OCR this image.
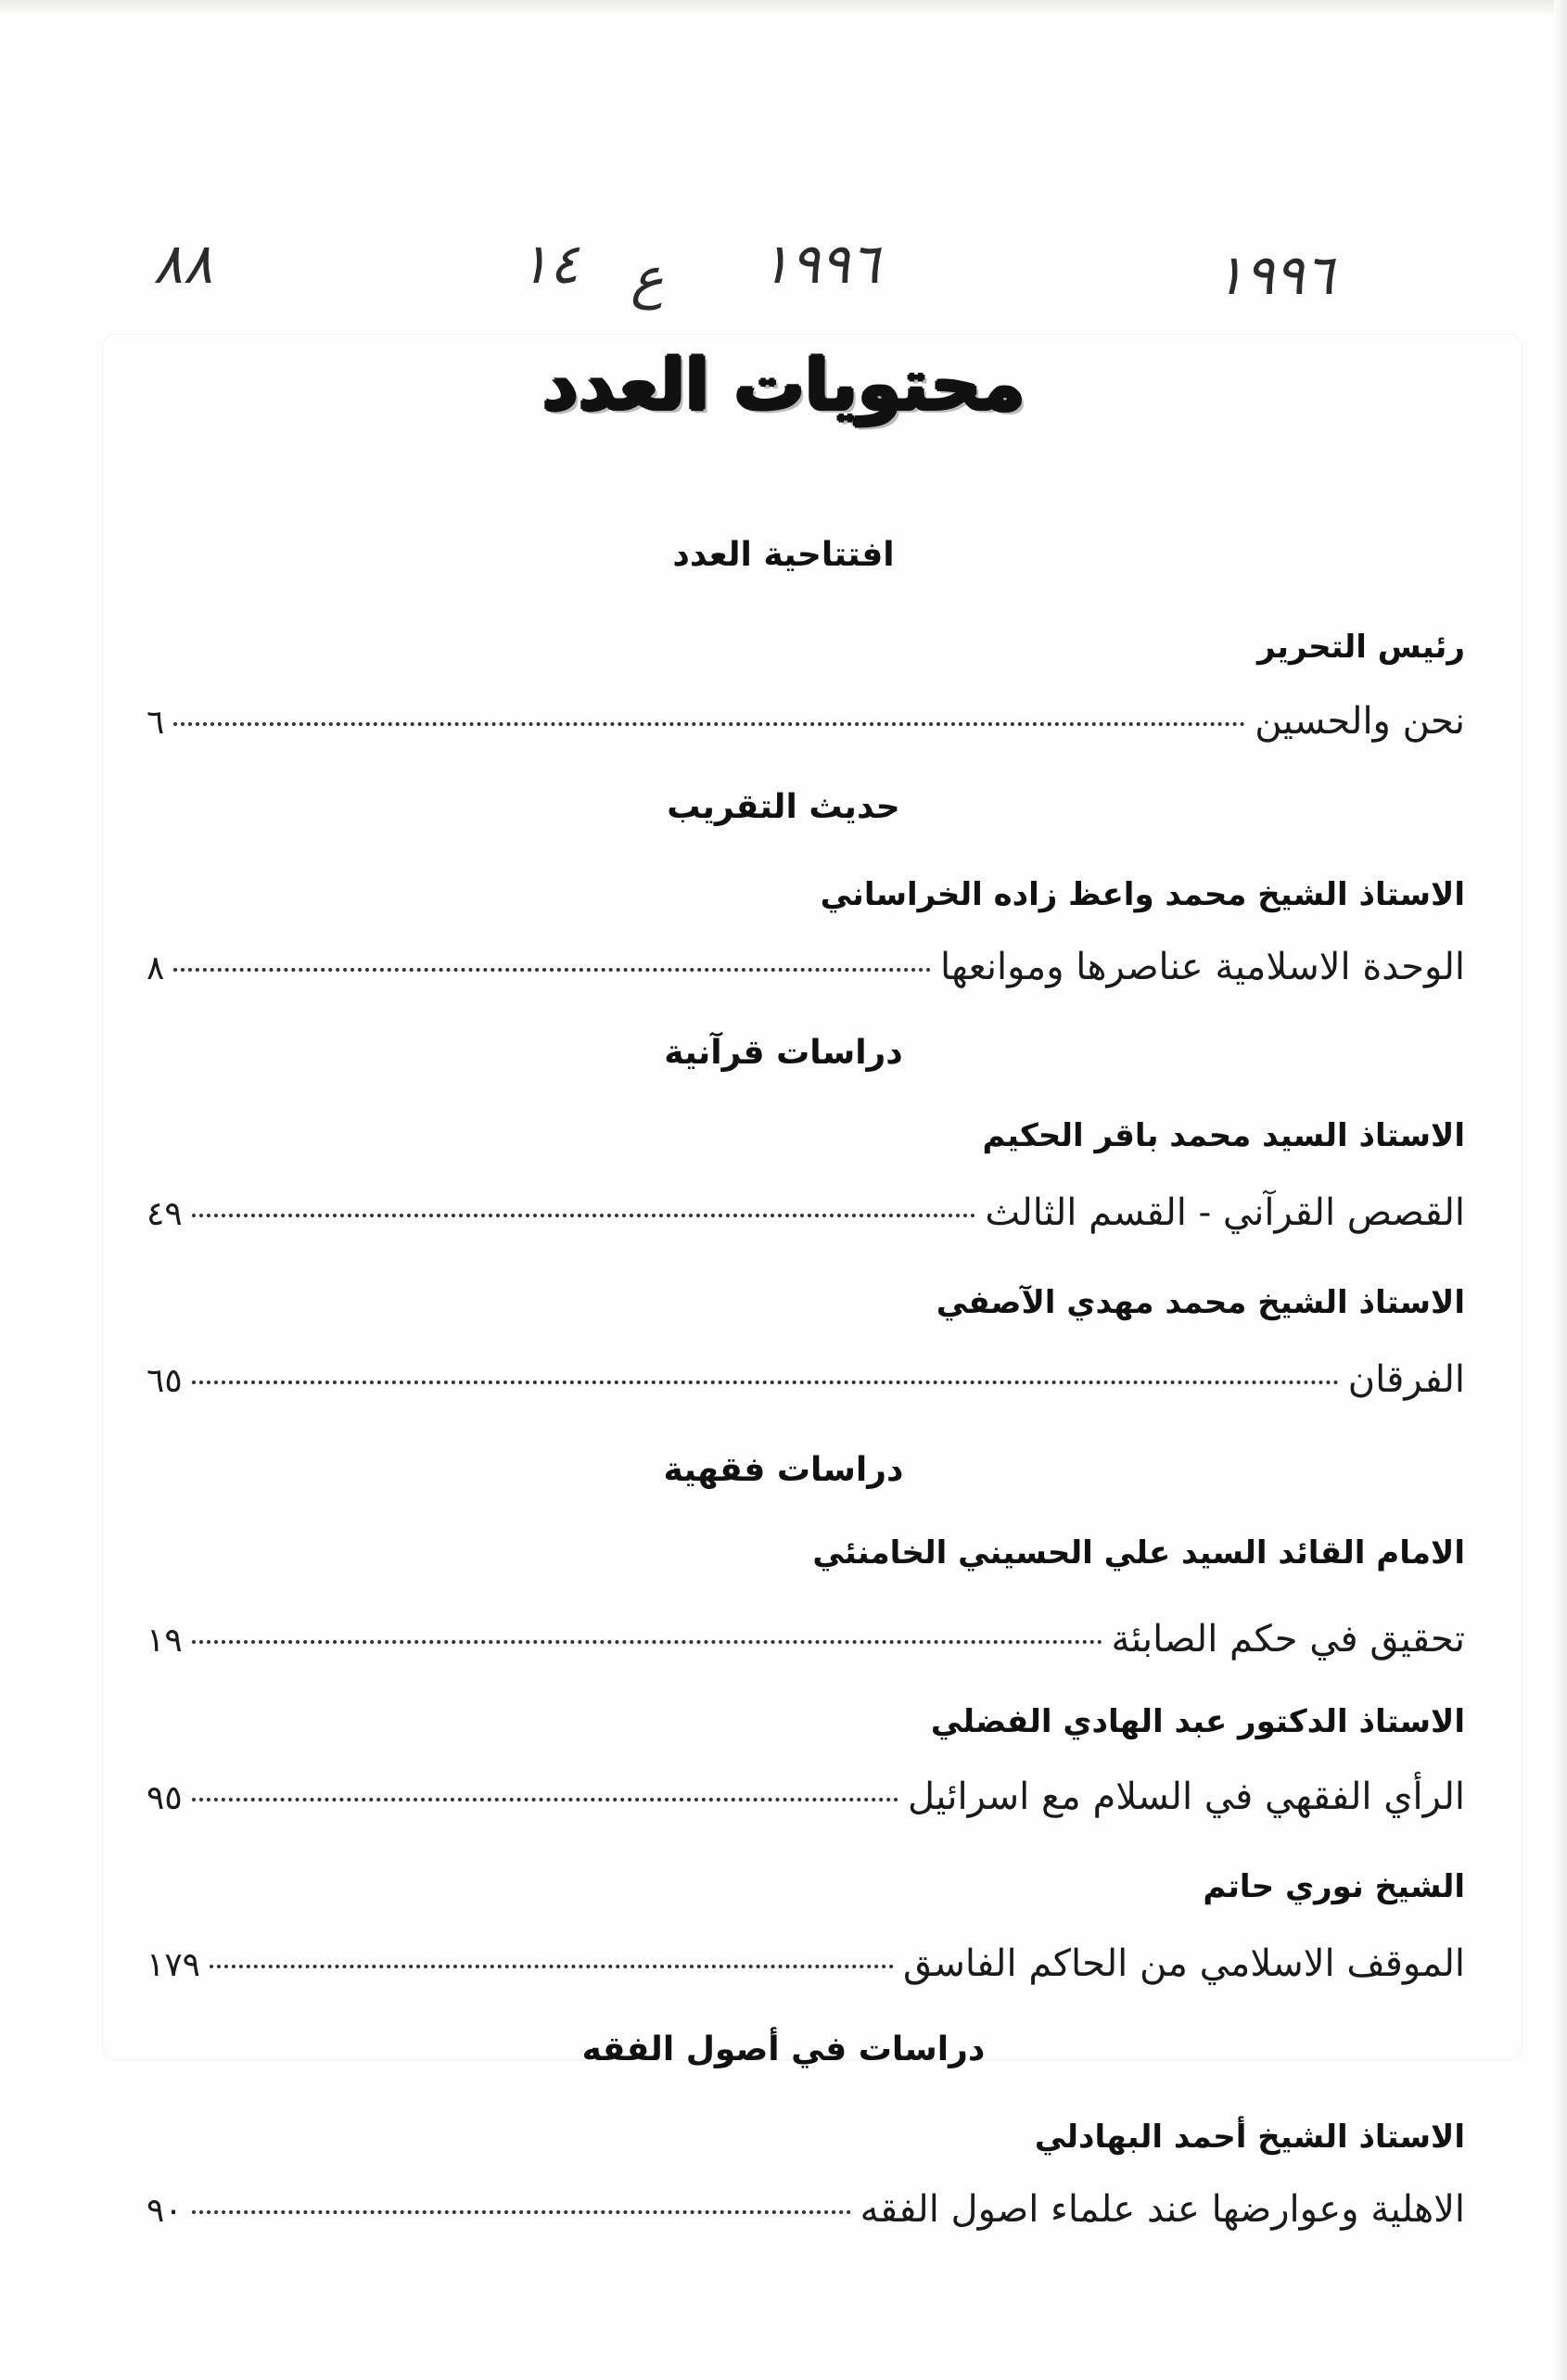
٨٨	١٤ ع ١٩٩٦	١٩٩٦
محتويات العدد
افتتاحية العدد
رئيس التحرير
نحن والحسين
٦
حديث التقريب
الاستاذ الشيخ محمد واعظ زاده الخراساني
الوحدة الاسلامية عناصرها وموانعها
٨
دراسات قرآنية
الاستاذ السيد محمد باقر الحكيم
القصص القرآني - القسم الثالث
٤٩
الاستاذ الشيخ محمد مهدي الآصفي
الفرقان
٦٥
دراسات فقهية
الامام القائد السيد علي الحسيني الخامنئي
تحقيق في حكم الصابئة
١٩
الاستاذ الدكتور عبد الهادي الفضلي
الرأي الفقهي في السلام مع اسرائيل
٩٥
الشيخ نوري حاتم
الموقف الاسلامي من الحاكم الفاسق
١٧٩
دراسات في أصول الفقه
الاستاذ الشيخ أحمد البهادلي
الاهلية وعوارضها عند علماء اصول الفقه
٩٠
